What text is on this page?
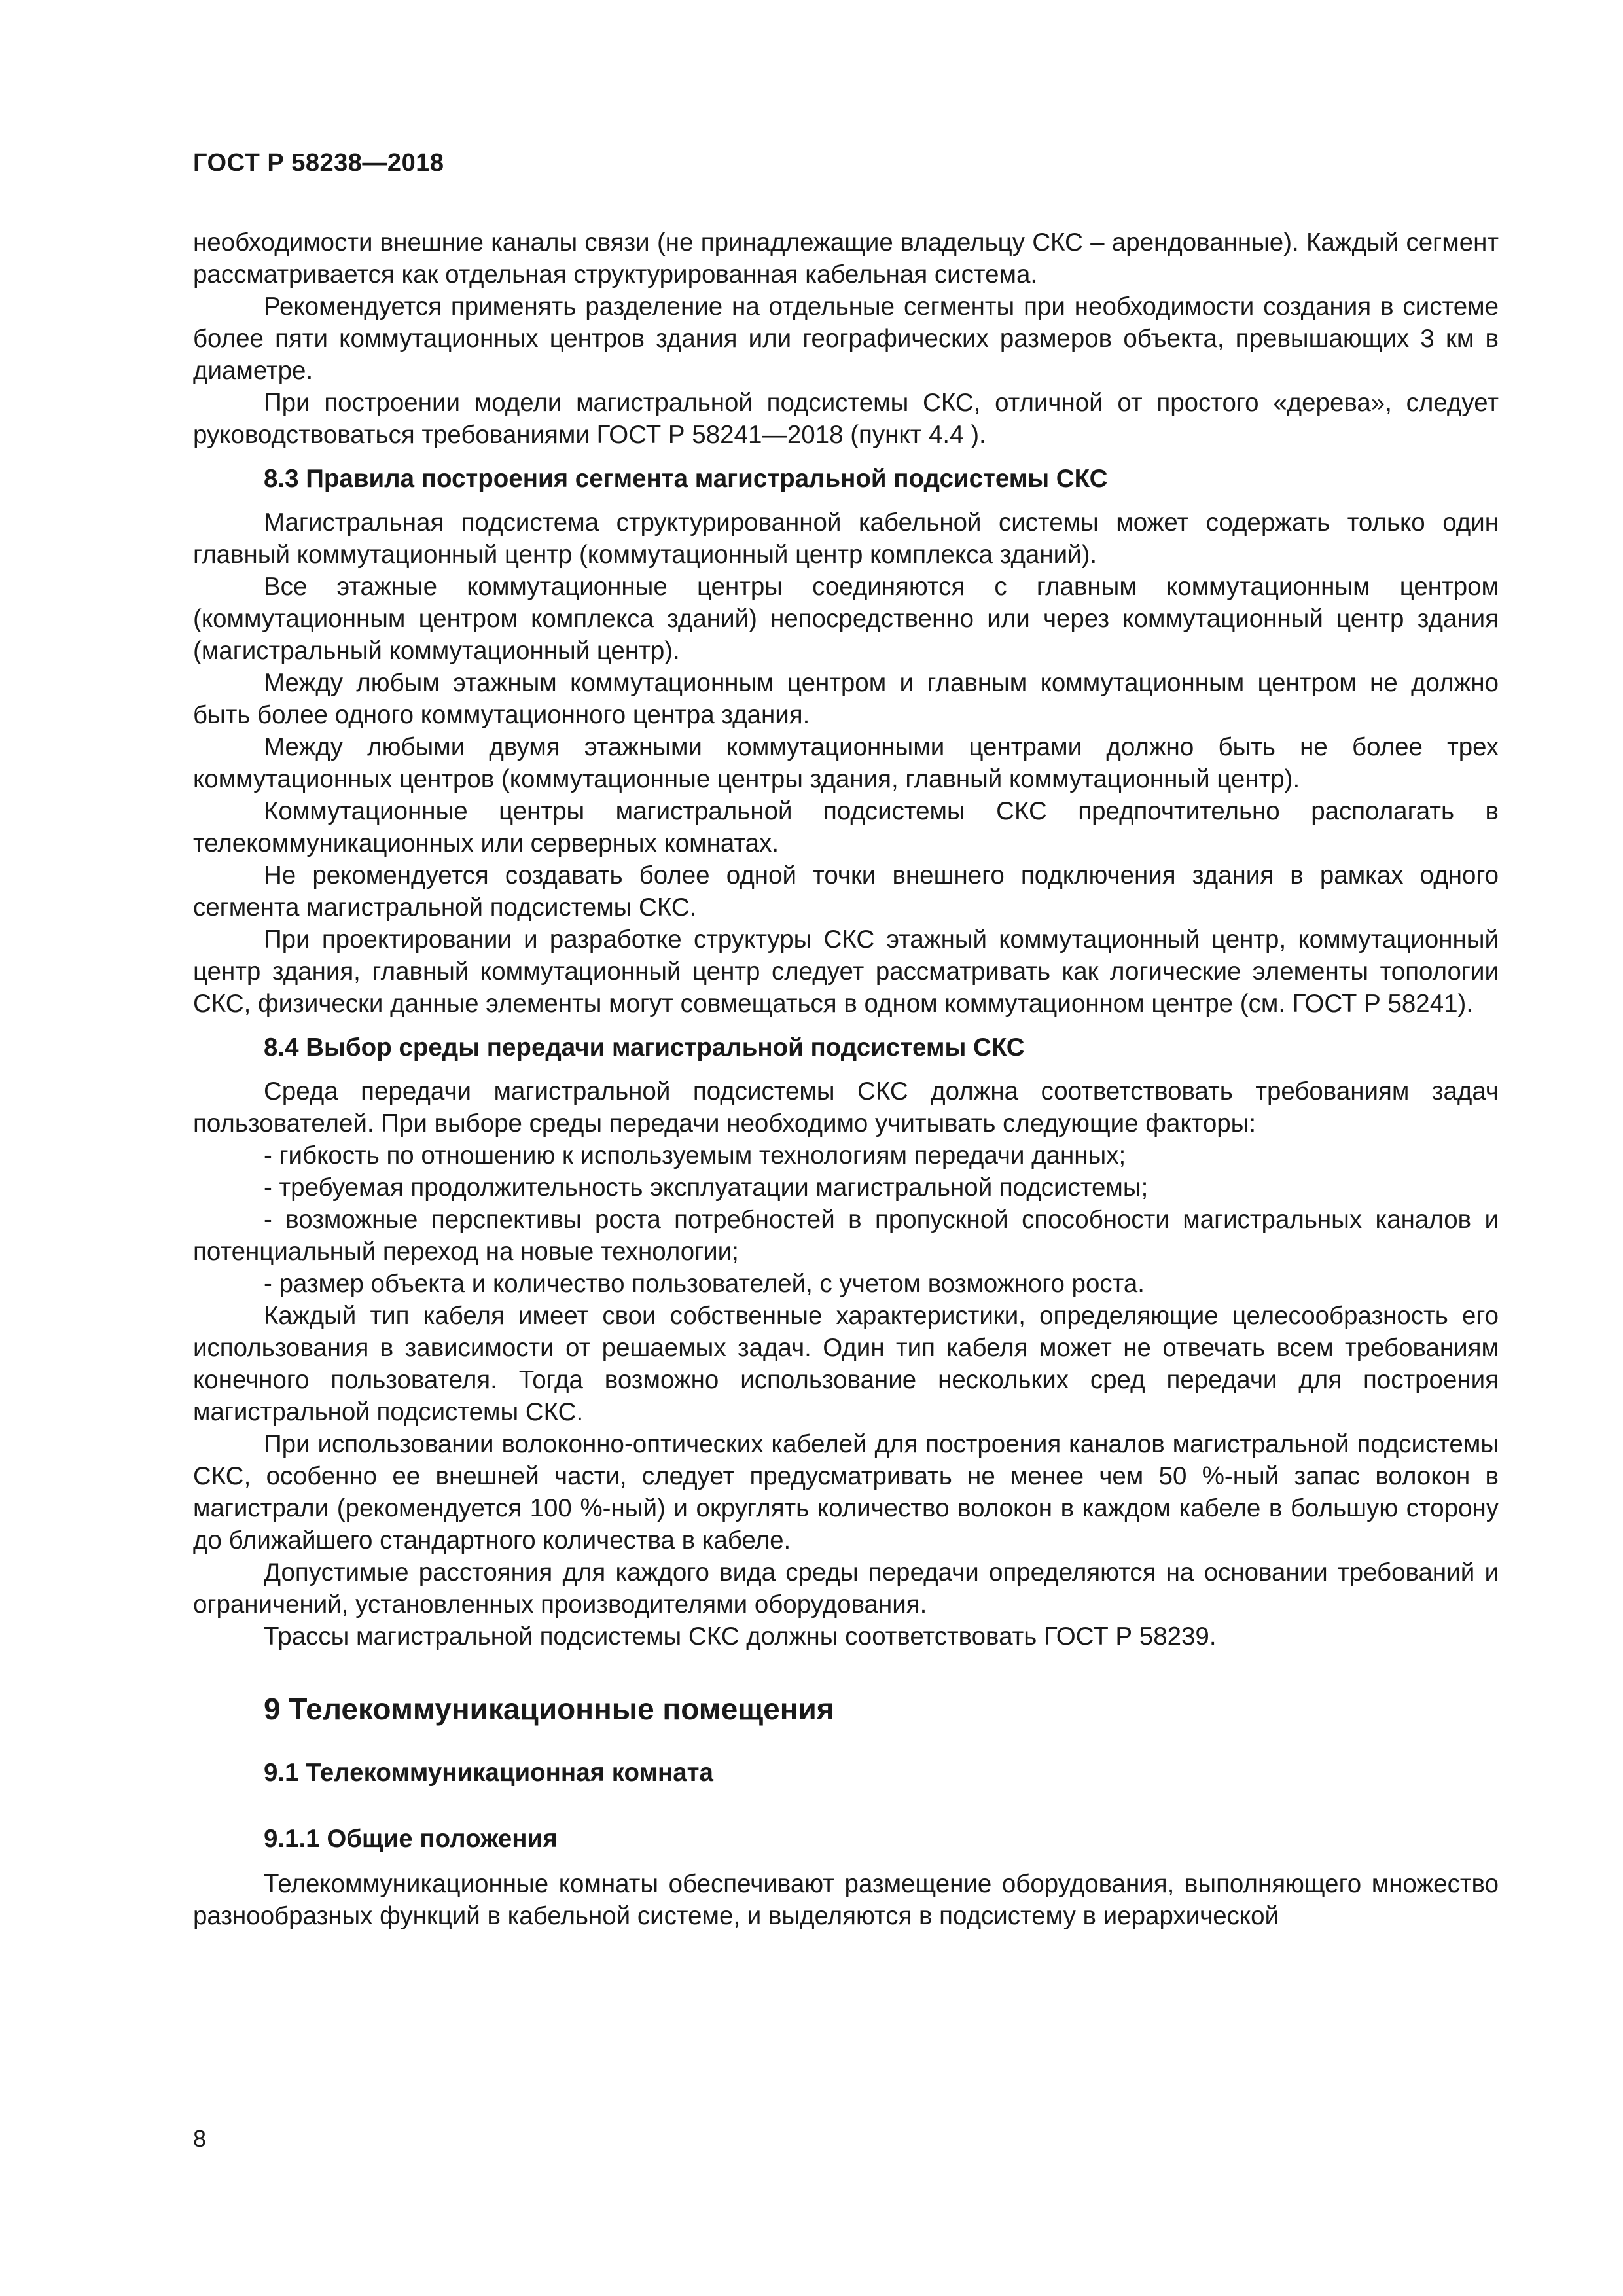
ГОСТ Р 58238—2018

необходимости внешние каналы связи (не принадлежащие владельцу СКС – арендованные). Каждый сегмент рассматривается как отдельная структурированная кабельная система.

Рекомендуется применять разделение на отдельные сегменты при необходимости создания в системе более пяти коммутационных центров здания или географических размеров объекта, превышающих 3 км в диаметре.

При построении модели магистральной подсистемы СКС, отличной от простого «дерева», следует руководствоваться требованиями ГОСТ Р 58241—2018 (пункт 4.4 ).

8.3 Правила построения сегмента магистральной подсистемы СКС

Магистральная подсистема структурированной кабельной системы может содержать только один главный коммутационный центр (коммутационный центр комплекса зданий).

Все этажные коммутационные центры соединяются с главным коммутационным центром (коммутационным центром комплекса зданий) непосредственно или через коммутационный центр здания (магистральный коммутационный центр).

Между любым этажным коммутационным центром и главным коммутационным центром не должно быть более одного коммутационного центра здания.

Между любыми двумя этажными коммутационными центрами должно быть не более трех коммутационных центров (коммутационные центры здания, главный коммутационный центр).

Коммутационные центры магистральной подсистемы СКС предпочтительно располагать в телекоммуникационных или серверных комнатах.

Не рекомендуется создавать более одной точки внешнего подключения здания в рамках одного сегмента магистральной подсистемы СКС.

При проектировании и разработке структуры СКС этажный коммутационный центр, коммутационный центр здания, главный коммутационный центр следует рассматривать как логические элементы топологии СКС, физически данные элементы могут совмещаться в одном коммутационном центре (см. ГОСТ Р 58241).

8.4 Выбор среды передачи магистральной подсистемы СКС

Среда передачи магистральной подсистемы СКС должна соответствовать требованиям задач пользователей. При выборе среды передачи необходимо учитывать следующие факторы:

- гибкость по отношению к используемым технологиям передачи данных;

- требуемая продолжительность эксплуатации магистральной подсистемы;

- возможные перспективы роста потребностей в пропускной способности магистральных каналов и потенциальный переход на новые технологии;

- размер объекта и количество пользователей, с учетом возможного роста.

Каждый тип кабеля имеет свои собственные характеристики, определяющие целесообразность его использования в зависимости от решаемых задач. Один тип кабеля может не отвечать всем требованиям конечного пользователя. Тогда возможно использование нескольких сред передачи для построения магистральной подсистемы СКС.

При использовании волоконно-оптических кабелей для построения каналов магистральной подсистемы СКС, особенно ее внешней части, следует предусматривать не менее чем 50 %-ный запас волокон в магистрали (рекомендуется 100 %-ный) и округлять количество волокон в каждом кабеле в большую сторону до ближайшего стандартного количества в кабеле.

Допустимые расстояния для каждого вида среды передачи определяются на основании требований и ограничений, установленных производителями оборудования.

Трассы магистральной подсистемы СКС должны соответствовать ГОСТ Р 58239.

9 Телекоммуникационные помещения
9.1 Телекоммуникационная комната
9.1.1 Общие положения

Телекоммуникационные комнаты обеспечивают размещение оборудования, выполняющего множество разнообразных функций в кабельной системе, и выделяются в подсистему в иерархической

8
